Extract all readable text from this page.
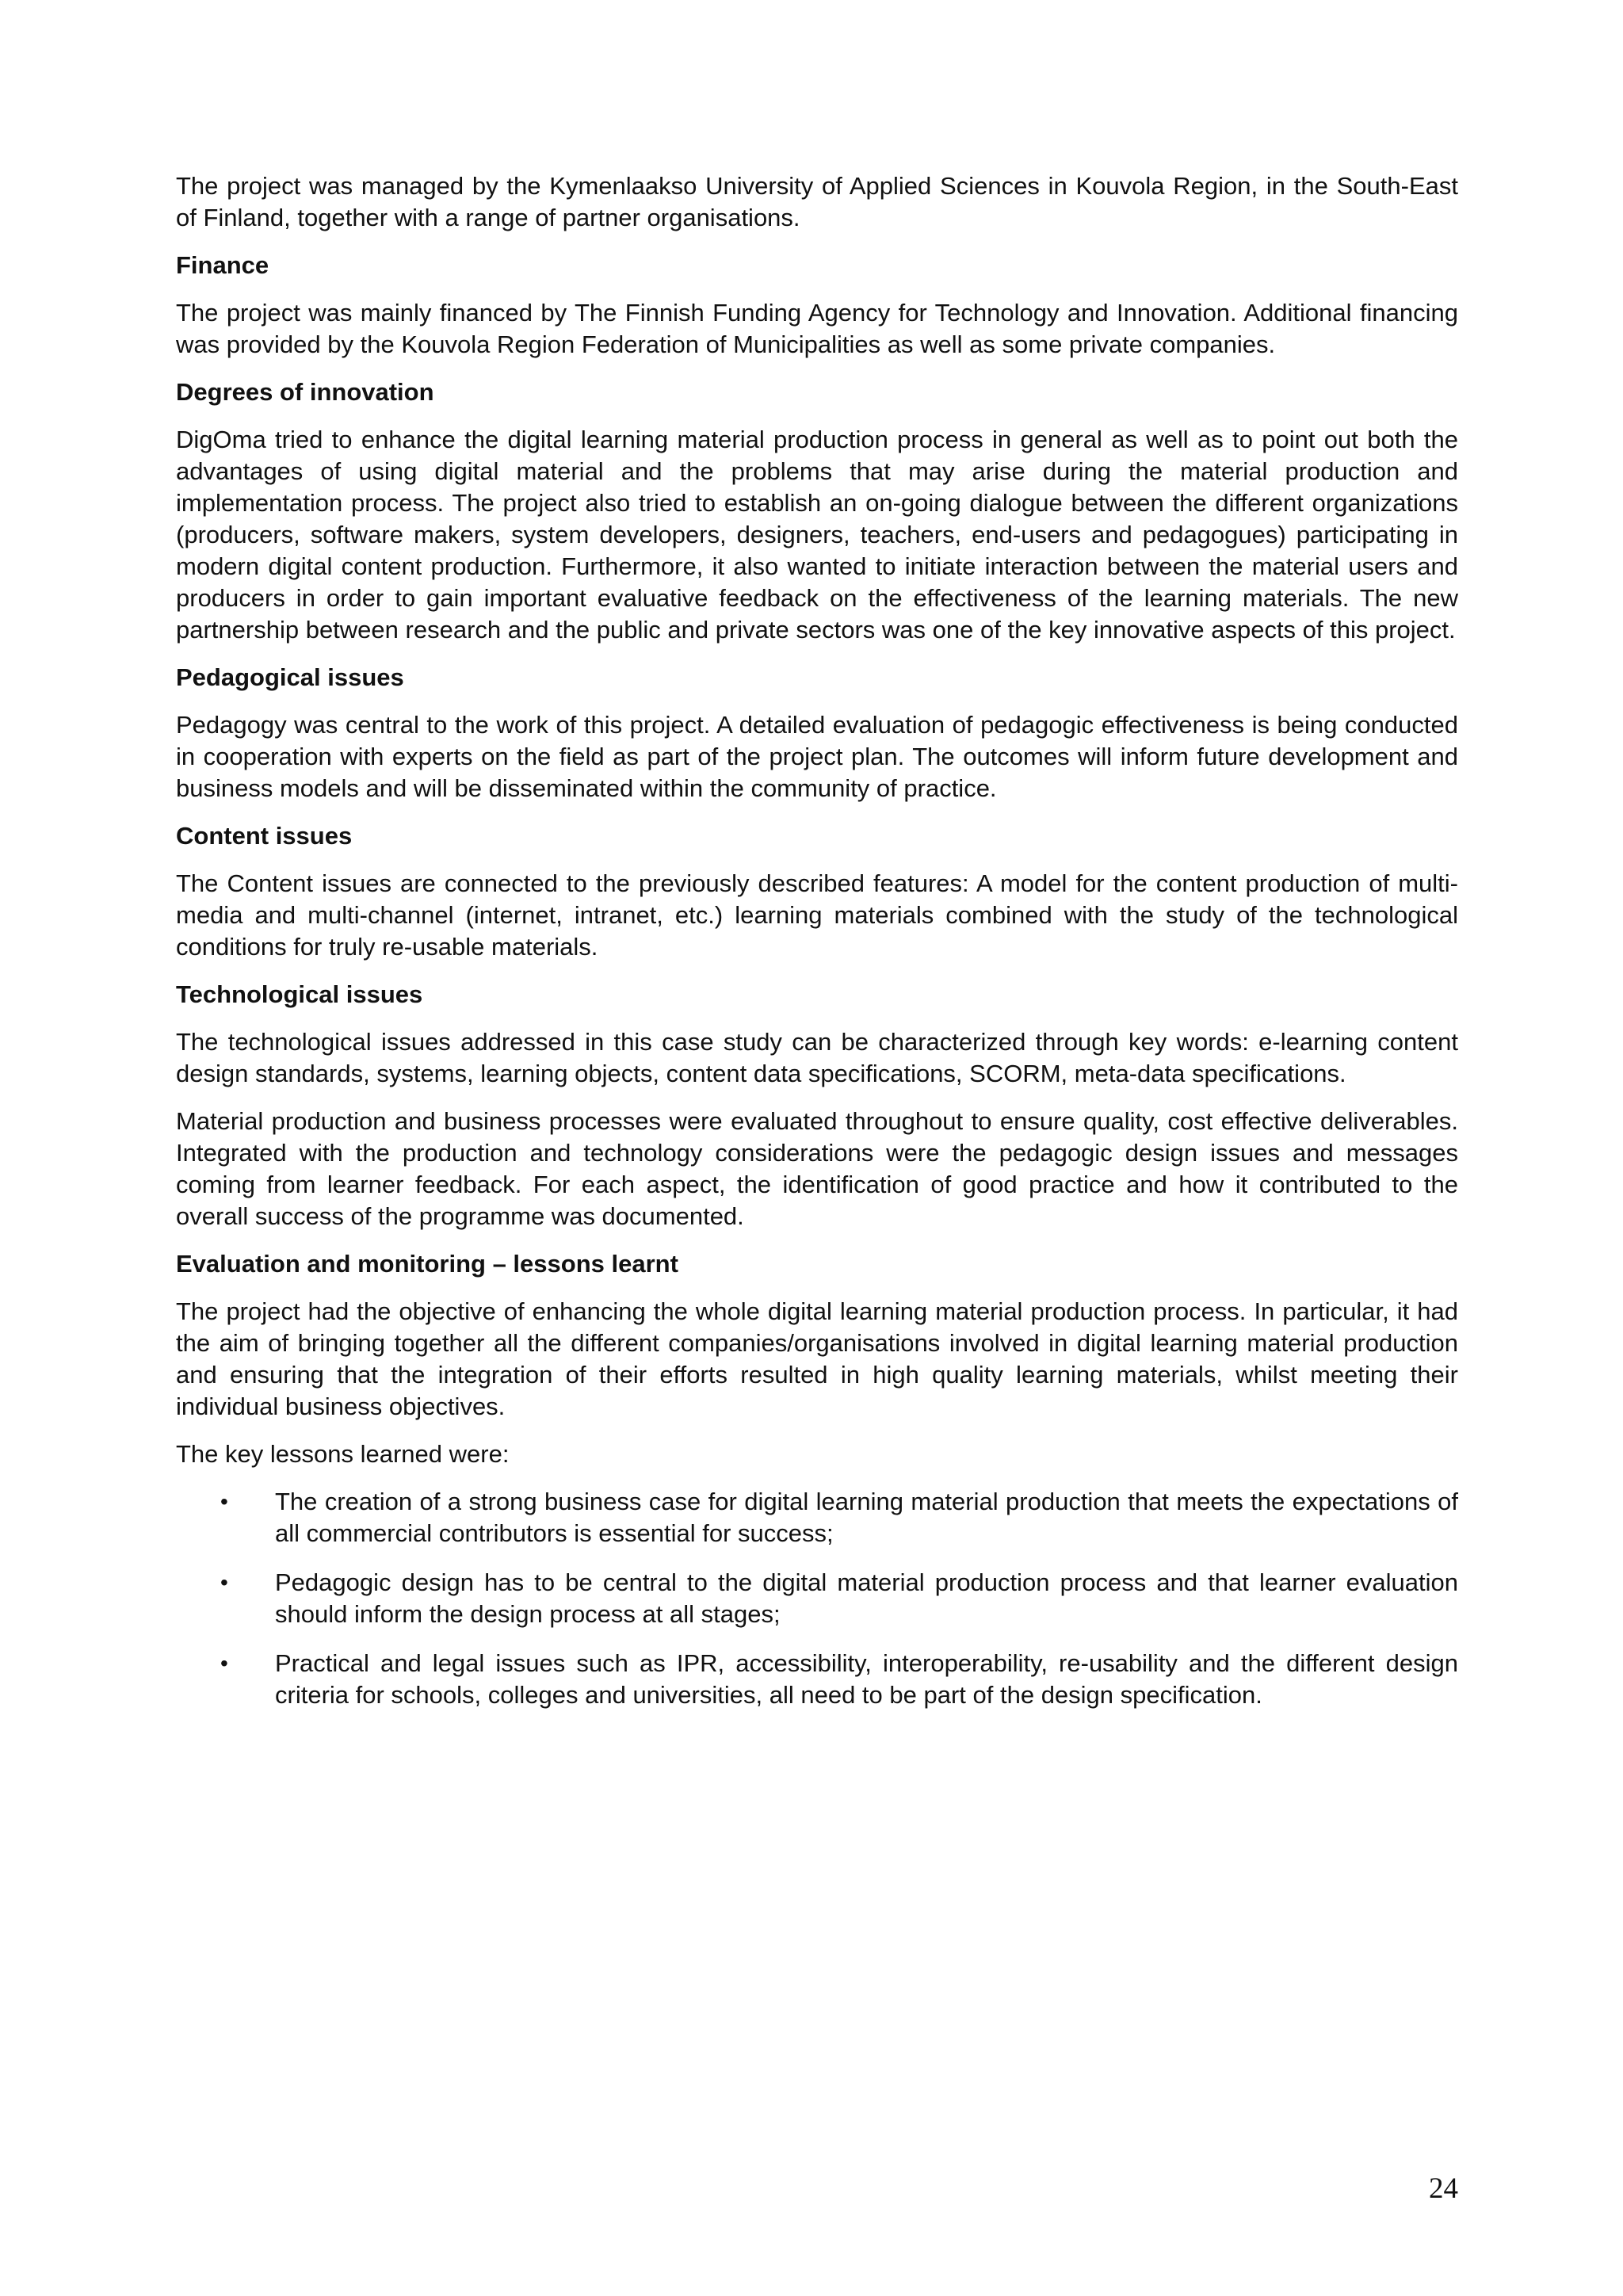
The project was managed by the Kymenlaakso University of Applied Sciences in Kouvola Region, in the South-East of Finland, together with a range of partner organisations.

Finance

The project was mainly financed by The Finnish Funding Agency for Technology and Innovation. Additional financing was provided by the Kouvola Region Federation of Municipalities as well as some private companies.

Degrees of innovation

DigOma tried to enhance the digital learning material production process in general as well as to point out both the advantages of using digital material and the problems that may arise during the material production and implementation process. The project also tried to establish an on-going dialogue between the different organizations (producers, software makers, system developers, designers, teachers, end-users and pedagogues) participating in modern digital content production. Furthermore, it also wanted to initiate interaction between the material users and producers in order to gain important evaluative feedback on the effectiveness of the learning materials. The new partnership between research and the public and private sectors was one of the key innovative aspects of this project.

Pedagogical issues

Pedagogy was central to the work of this project. A detailed evaluation of pedagogic effectiveness is being conducted in cooperation with experts on the field as part of the project plan. The outcomes will inform future development and business models and will be disseminated within the community of practice.

Content issues

The Content issues are connected to the previously described features: A model for the content production of multi-media and multi-channel (internet, intranet, etc.) learning materials combined with the study of the technological conditions for truly re-usable materials.

Technological issues

The technological issues addressed in this case study can be characterized through key words: e-learning content design standards, systems, learning objects, content data specifications, SCORM, meta-data specifications.

Material production and business processes were evaluated throughout to ensure quality, cost effective deliverables. Integrated with the production and technology considerations were the pedagogic design issues and messages coming from learner feedback. For each aspect, the identification of good practice and how it contributed to the overall success of the programme was documented.

Evaluation and monitoring – lessons learnt

The project had the objective of enhancing the whole digital learning material production process. In particular, it had the aim of bringing together all the different companies/organisations involved in digital learning material production and ensuring that the integration of their efforts resulted in high quality learning materials, whilst meeting their individual business objectives.

The key lessons learned were:

• The creation of a strong business case for digital learning material production that meets the expectations of all commercial contributors is essential for success;
• Pedagogic design has to be central to the digital material production process and that learner evaluation should inform the design process at all stages;
• Practical and legal issues such as IPR, accessibility, interoperability, re-usability and the different design criteria for schools, colleges and universities, all need to be part of the design specification.
24
